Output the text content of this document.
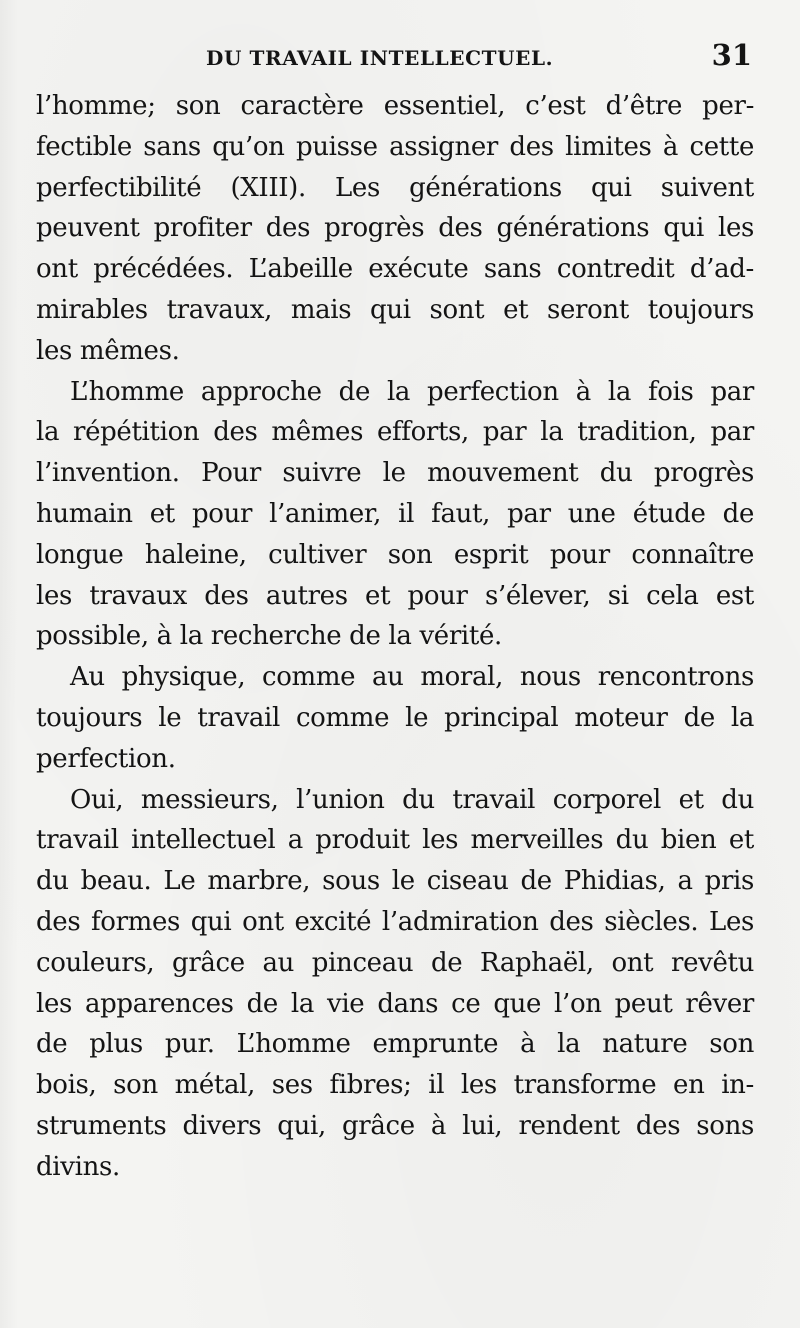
DU TRAVAIL INTELLECTUEL.	31
l’homme; son caractère essentiel, c’est d’être per-
fectible sans qu’on puisse assigner des limites à cette
perfectibilité (XIII). Les générations qui suivent
peuvent profiter des progrès des générations qui les
ont précédées. L’abeille exécute sans contredit d’ad-
mirables travaux, mais qui sont et seront toujours
les mêmes.
L’homme approche de la perfection à la fois par
la répétition des mêmes efforts, par la tradition, par
l’invention. Pour suivre le mouvement du progrès
humain et pour l’animer, il faut, par une étude de
longue haleine, cultiver son esprit pour connaître
les travaux des autres et pour s’élever, si cela est
possible, à la recherche de la vérité.
Au physique, comme au moral, nous rencontrons
toujours le travail comme le principal moteur de la
perfection.
Oui, messieurs, l’union du travail corporel et du
travail intellectuel a produit les merveilles du bien et
du beau. Le marbre, sous le ciseau de Phidias, a pris
des formes qui ont excité l’admiration des siècles. Les
couleurs, grâce au pinceau de Raphaël, ont revêtu
les apparences de la vie dans ce que l’on peut rêver
de plus pur. L’homme emprunte à la nature son
bois, son métal, ses fibres; il les transforme en in-
struments divers qui, grâce à lui, rendent des sons
divins.
